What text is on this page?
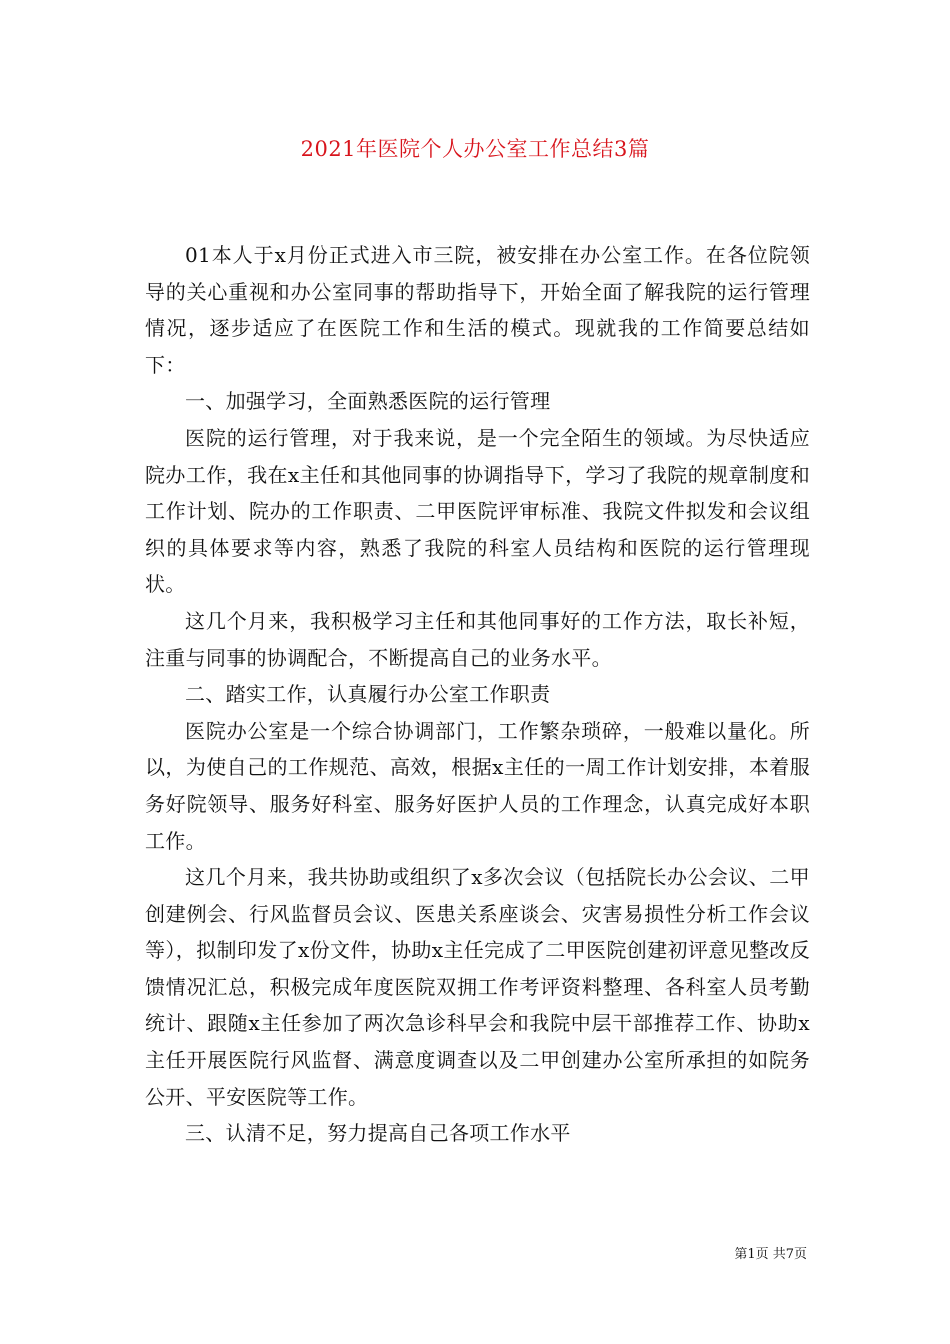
2021年医院个人办公室工作总结3篇

01本人于x月份正式进入市三院，被安排在办公室工作。在各位院领导的关心重视和办公室同事的帮助指导下，开始全面了解我院的运行管理情况，逐步适应了在医院工作和生活的模式。现就我的工作简要总结如下：

一、加强学习，全面熟悉医院的运行管理

医院的运行管理，对于我来说，是一个完全陌生的领域。为尽快适应院办工作，我在x主任和其他同事的协调指导下，学习了我院的规章制度和工作计划、院办的工作职责、二甲医院评审标准、我院文件拟发和会议组织的具体要求等内容，熟悉了我院的科室人员结构和医院的运行管理现状。

这几个月来，我积极学习主任和其他同事好的工作方法，取长补短，注重与同事的协调配合，不断提高自己的业务水平。

二、踏实工作，认真履行办公室工作职责

医院办公室是一个综合协调部门，工作繁杂琐碎，一般难以量化。所以，为使自己的工作规范、高效，根据x主任的一周工作计划安排，本着服务好院领导、服务好科室、服务好医护人员的工作理念，认真完成好本职工作。

这几个月来，我共协助或组织了x多次会议（包括院长办公会议、二甲创建例会、行风监督员会议、医患关系座谈会、灾害易损性分析工作会议等），拟制印发了x份文件，协助x主任完成了二甲医院创建初评意见整改反馈情况汇总，积极完成年度医院双拥工作考评资料整理、各科室人员考勤统计、跟随x主任参加了两次急诊科早会和我院中层干部推荐工作、协助x主任开展医院行风监督、满意度调查以及二甲创建办公室所承担的如院务公开、平安医院等工作。

三、认清不足，努力提高自己各项工作水平

第1页 共7页
